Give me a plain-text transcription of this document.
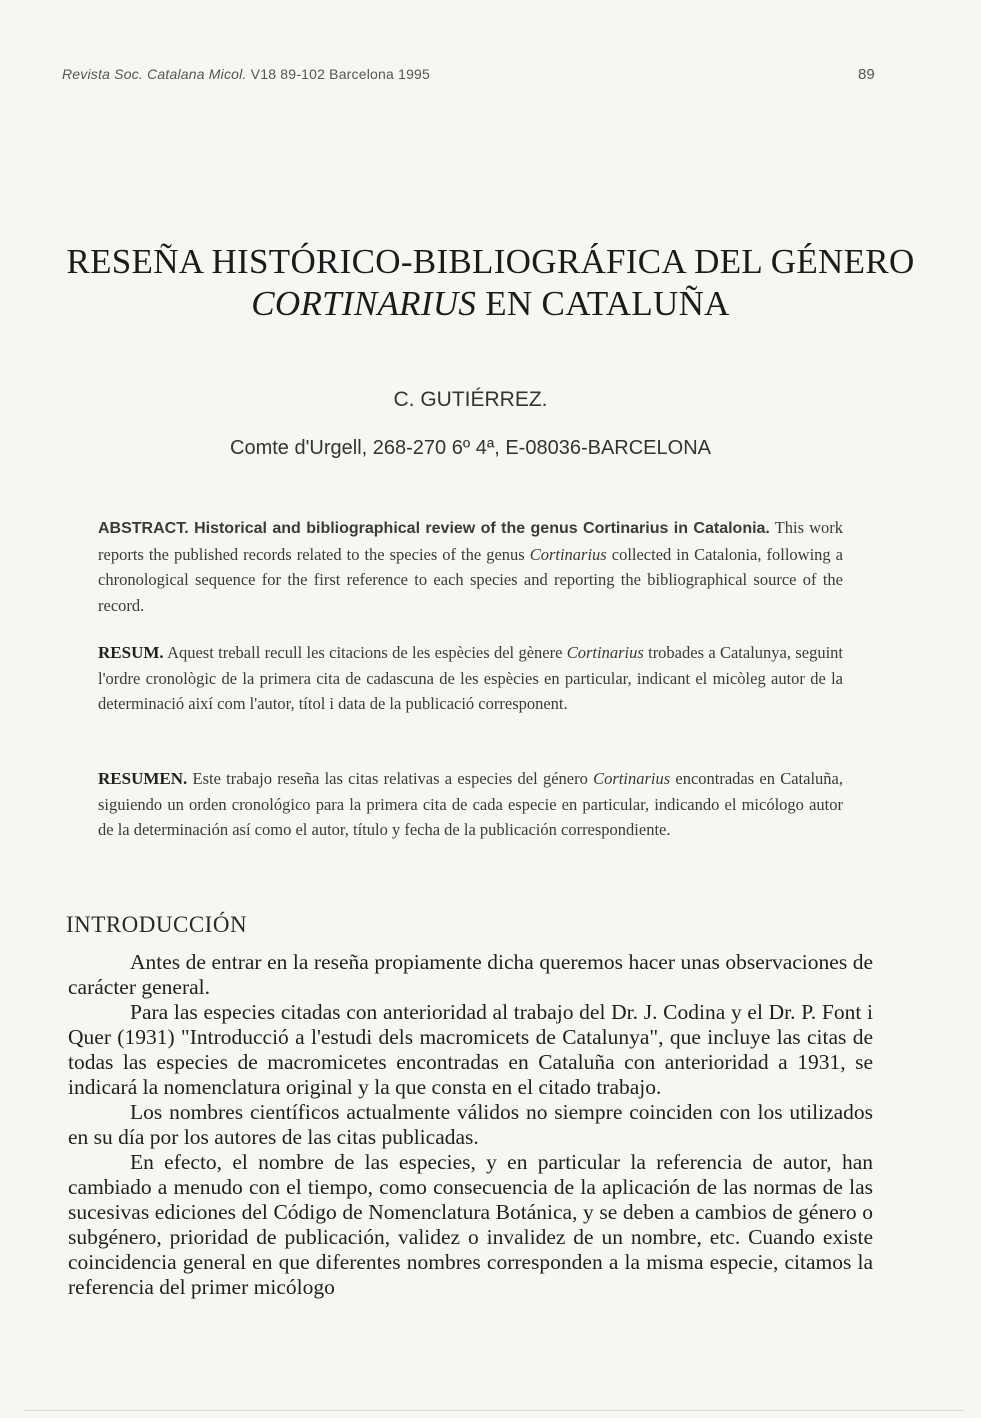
Revista Soc. Catalana Micol. V18 89-102 Barcelona 1995	89
RESEÑA HISTÓRICO-BIBLIOGRÁFICA DEL GÉNERO
CORTINARIUS EN CATALUÑA
C. GUTIÉRREZ.
Comte d'Urgell, 268-270 6º 4ª, E-08036-BARCELONA
ABSTRACT. Historical and bibliographical review of the genus Cortinarius in Catalonia. This work reports the published records related to the species of the genus Cortinarius collected in Catalonia, following a chronological sequence for the first reference to each species and reporting the bibliographical source of the record.
RESUM. Aquest treball recull les citacions de les espècies del gènere Cortinarius trobades a Catalunya, seguint l'ordre cronològic de la primera cita de cadascuna de les espècies en particular, indicant el micòleg autor de la determinació així com l'autor, títol i data de la publicació corresponent.
RESUMEN. Este trabajo reseña las citas relativas a especies del género Cortinarius encontradas en Cataluña, siguiendo un orden cronológico para la primera cita de cada especie en particular, indicando el micólogo autor de la determinación así como el autor, título y fecha de la publicación correspondiente.
INTRODUCCIÓN

Antes de entrar en la reseña propiamente dicha queremos hacer unas observaciones de carácter general.

Para las especies citadas con anterioridad al trabajo del Dr. J. Codina y el Dr. P. Font i Quer (1931) "Introducció a l'estudi dels macromicets de Catalunya", que incluye las citas de todas las especies de macromicetes encontradas en Cataluña con anterioridad a 1931, se indicará la nomenclatura original y la que consta en el citado trabajo.

Los nombres científicos actualmente válidos no siempre coinciden con los utilizados en su día por los autores de las citas publicadas.

En efecto, el nombre de las especies, y en particular la referencia de autor, han cambiado a menudo con el tiempo, como consecuencia de la aplicación de las normas de las sucesivas ediciones del Código de Nomenclatura Botánica, y se deben a cambios de género o subgénero, prioridad de publicación, validez o invalidez de un nombre, etc. Cuando existe coincidencia general en que diferentes nombres corresponden a la misma especie, citamos la referencia del primer micólogo
